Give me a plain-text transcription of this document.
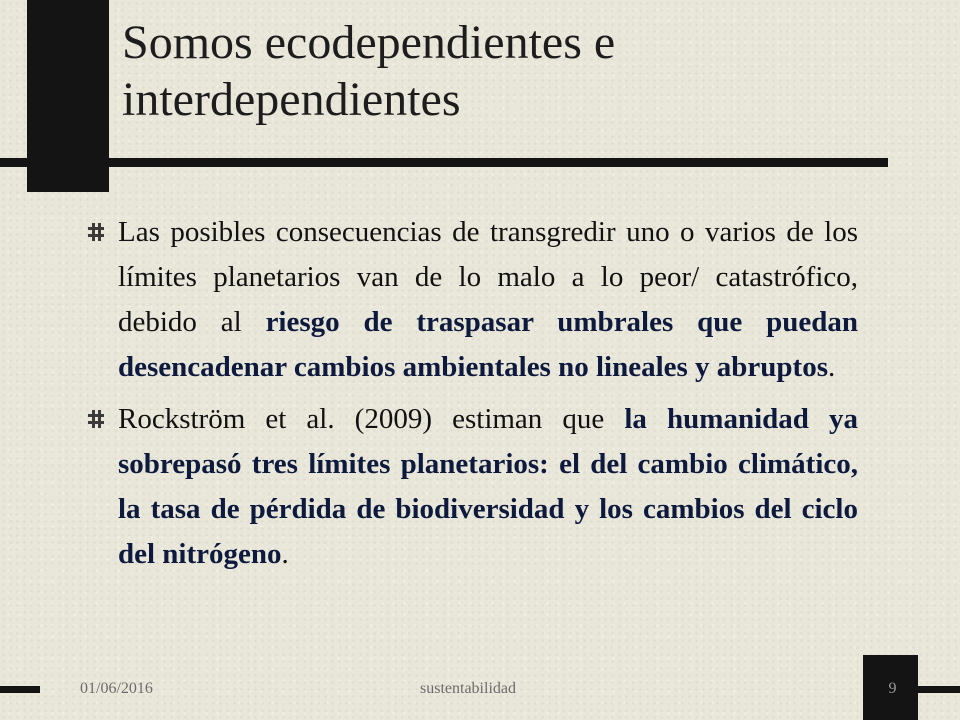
Somos ecodependientes e
interdependientes
Las posibles consecuencias de transgredir uno o varios de los límites planetarios van de lo malo a lo peor/ catastrófico, debido al riesgo de traspasar umbrales que puedan desencadenar cambios ambientales no lineales y abruptos.
Rockström et al. (2009) estiman que la humanidad ya sobrepasó tres límites planetarios: el del cambio climático, la tasa de pérdida de biodiversidad y los cambios del ciclo del nitrógeno.
01/06/2016	sustentabilidad	9
